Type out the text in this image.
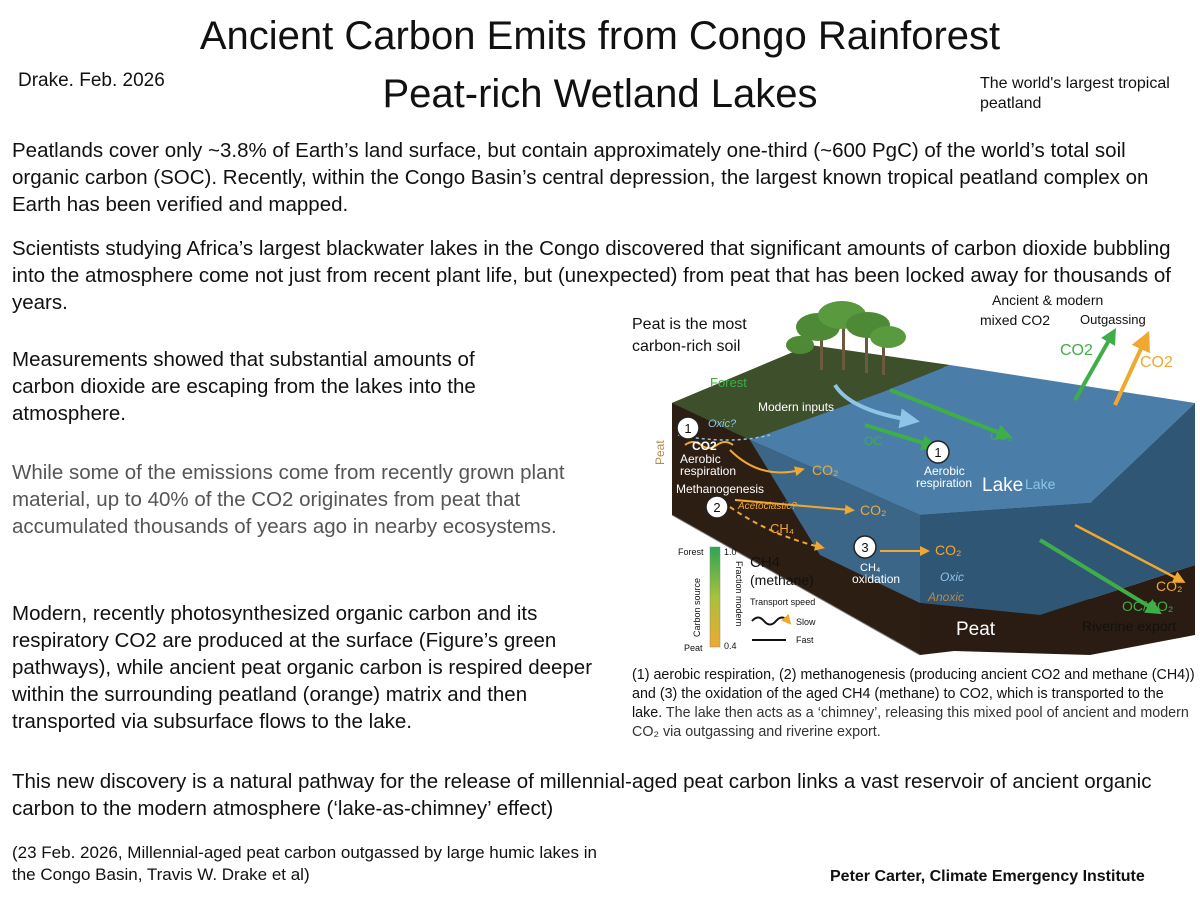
Ancient Carbon Emits from Congo Rainforest
Peat-rich Wetland Lakes
Drake. Feb. 2026	The world's largest tropical peatland
Peatlands cover only ~3.8% of Earth’s land surface, but contain approximately one-third (~600 PgC) of the world’s total soil organic carbon (SOC). Recently, within the Congo Basin’s central depression, the largest known tropical peatland complex on Earth has been verified and mapped.
Scientists studying Africa’s largest blackwater lakes in the Congo discovered that significant amounts of carbon dioxide bubbling into the atmosphere come not just from recent plant life, but (unexpected) from peat that has been locked away for thousands of years.
Measurements showed that substantial amounts of carbon dioxide are escaping from the lakes into the atmosphere.
While some of the emissions come from recently grown plant material, up to 40% of the CO2 originates from peat that accumulated thousands of years ago in nearby ecosystems.
Modern, recently photosynthesized organic carbon and its respiratory CO2 are produced at the surface (Figure’s green pathways), while ancient peat organic carbon is respired deeper within the surrounding peatland (orange) matrix and then transported via subsurface flows to the lake.
This new discovery is a natural pathway for the release of millennial-aged peat carbon links a vast reservoir of ancient organic carbon to the modern atmosphere (‘lake-as-chimney’ effect)
(23 Feb. 2026, Millennial-aged peat carbon outgassed by large humic lakes in the Congo Basin, Travis W. Drake et al)	Peter Carter, Climate Emergency Institute
(1) aerobic respiration, (2) methanogenesis (producing ancient CO2 and methane (CH4)) and (3) the oxidation of the aged CH4 (methane) to CO2, which is transported to the lake. The lake then acts as a ‘chimney’, releasing this mixed pool of ancient and modern CO₂ via outgassing and riverine export.
1
1
2
3
Peat is the most
carbon-rich soil
Ancient & modern
mixed CO2 Outgassing
CO2
CO2
Forest
Modern inputs
OC	CO₂
Peat
Oxic?
CO2
Aerobic
respiration
Methanogenesis
Acetoclastic?
CH₄
CO₂
CO₂
CO₂
CH₄
oxidation
Aerobic
respiration Lake Lake
Oxic
Anoxic
Peat
CO₂
OC/CO₂
Riverine export
Forest
Peat
1.0
0.4
Carbon source	Fraction modern CH4
(methane)
Transport speed
Slow
Fast
